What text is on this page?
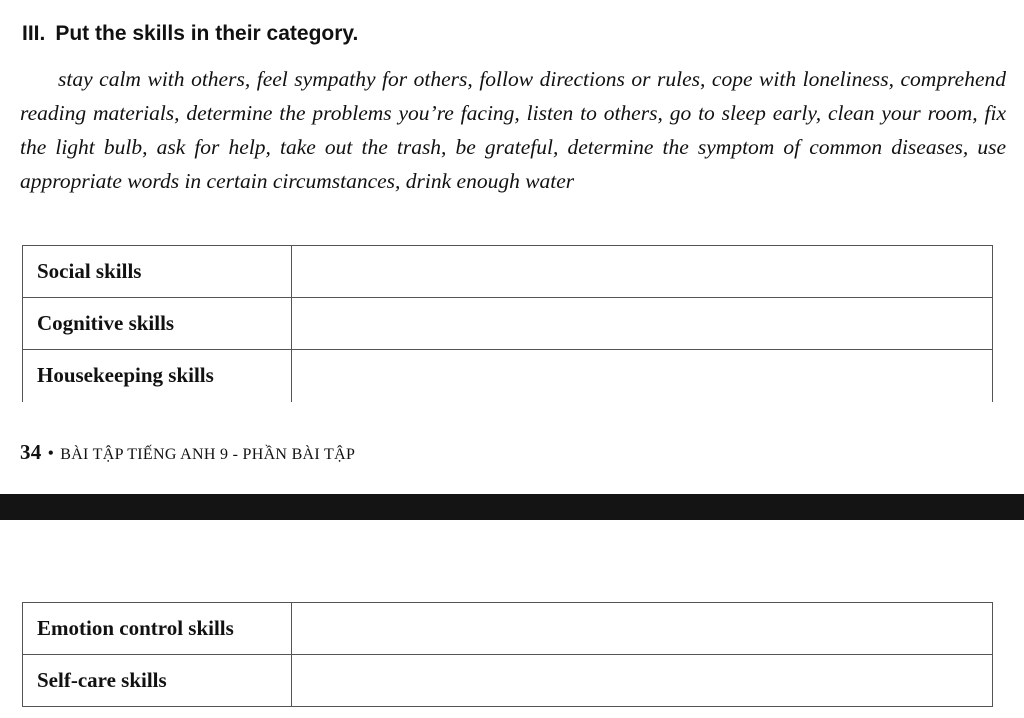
III. Put the skills in their category.

stay calm with others, feel sympathy for others, follow directions or rules, cope with loneliness, comprehend reading materials, determine the problems you’re facing, listen to others, go to sleep early, clean your room, fix the light bulb, ask for help, take out the trash, be grateful, determine the symptom of common diseases, use appropriate words in certain circumstances, drink enough water

Social skills	
Cognitive skills	
Housekeeping skills	
34 • BÀI TẬP TIẾNG ANH 9 - PHẦN BÀI TẬP
Emotion control skills	
Self-care skills	
